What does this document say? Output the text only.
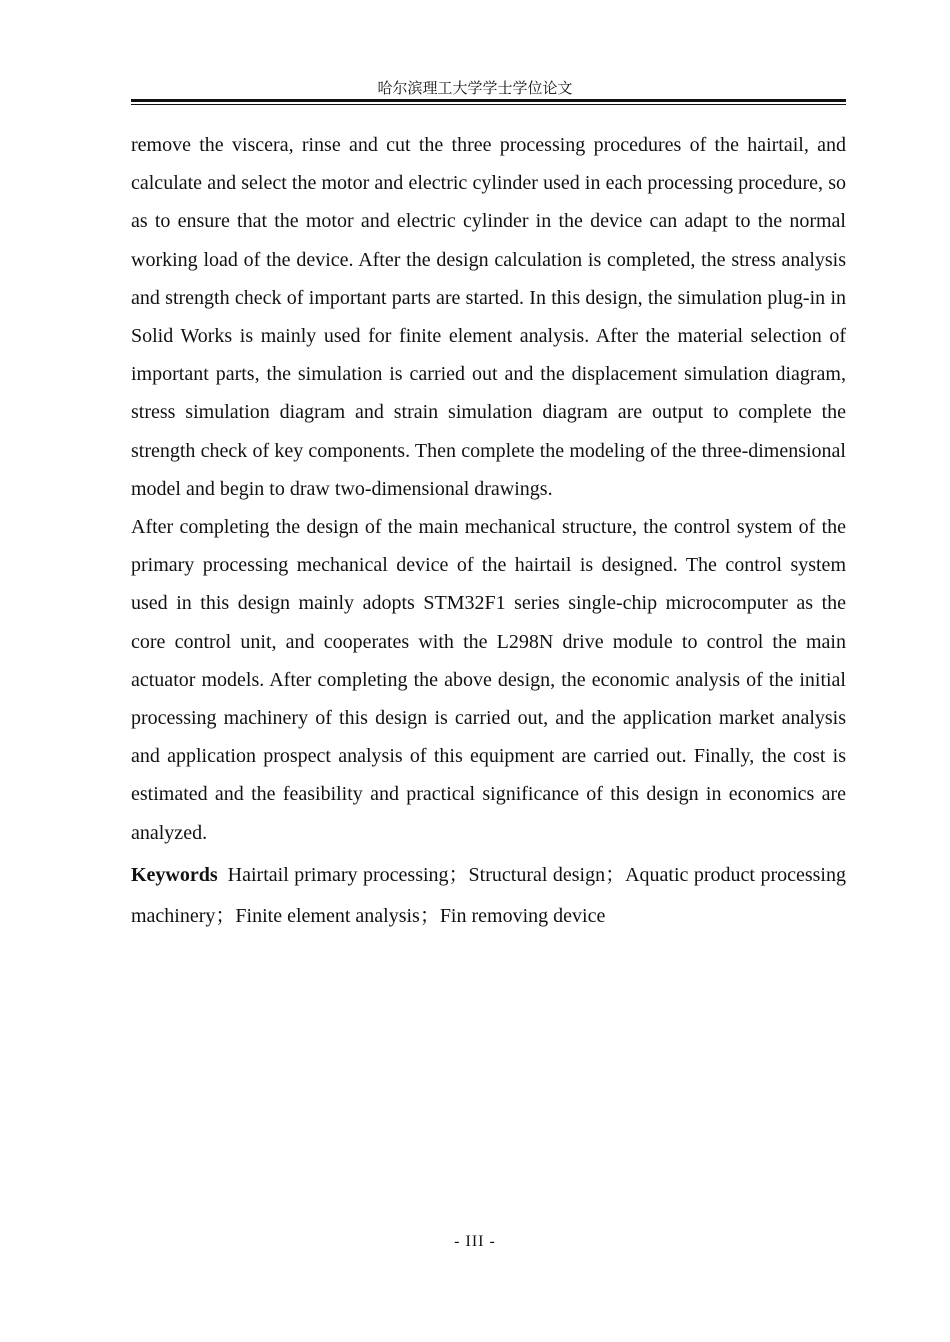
哈尔滨理工大学学士学位论文

remove the viscera, rinse and cut the three processing procedures of the hairtail, and calculate and select the motor and electric cylinder used in each processing procedure, so as to ensure that the motor and electric cylinder in the device can adapt to the normal working load of the device. After the design calculation is completed, the stress analysis and strength check of important parts are started. In this design, the simulation plug-in in Solid Works is mainly used for finite element analysis. After the material selection of important parts, the simulation is carried out and the displacement simulation diagram, stress simulation diagram and strain simulation diagram are output to complete the strength check of key components. Then complete the modeling of the three-dimensional model and begin to draw two-dimensional drawings.

After completing the design of the main mechanical structure, the control system of the primary processing mechanical device of the hairtail is designed. The control system used in this design mainly adopts STM32F1 series single-chip microcomputer as the core control unit, and cooperates with the L298N drive module to control the main actuator models. After completing the above design, the economic analysis of the initial processing machinery of this design is carried out, and the application market analysis and application prospect analysis of this equipment are carried out. Finally, the cost is estimated and the feasibility and practical significance of this design in economics are analyzed.

Keywords Hairtail primary processing；Structural design；Aquatic product processing machinery；Finite element analysis；Fin removing device

- III -
